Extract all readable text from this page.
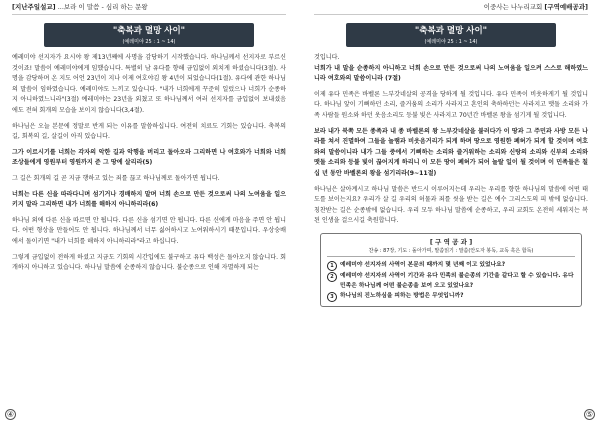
[지난주일설교] ...보라 이 말씀 - 심리 하는 문왕
"축복과 멸망 사이"
(예레미야 25 : 1 ~ 14)

예레미야 선지자가 요시야 왕 제13년째에 사명을 감당하기 시작했습니다. 하나님께서 선지자로 부르신 것이죠! 말씀이 예레미야에게 임했습니다. 특별히 남 유다를 향해 금입없이 외치게 하셨습니다(3절). 사명을 감당하며 온 지도 어언 23년이 지나 이제 여호야김 왕 4년이 되었습니다(1절). 유다에 관한 하나님의 말씀이 임하였습니다. 예레미야도 느끼고 있습니다. "내가 너희에게 꾸준히 일렀으나 너희가 순종하지 아니하였느니라"(3절) 예레미야는 23년을 외쳤고 또 하나님께서 여러 선지자를 금입없이 보내셨음에도 전혀 회개의 모습을 보이지 않습니다(3,4절).

하나님은 오늘 본문에 정말로 반게 되는 이유를 말씀하십니다. 여전히 치료도 기회는 있습니다. 축복의 길, 회복의 길, 살길이 아직 있습니다.

그가 이르시기를 너희는 각자의 악한 길과 악행을 버리고 돌아오라 그리하면 나 여호와가 너희와 너희 조상들에게 영원부터 영원까지 준 그 땅에 살리라(5)

그 길은 회개의 길 곧 지금 행하고 있는 죄를 끊고 하나님께로 돌아가면 됩니다.

너희는 다른 신을 따라다니며 섬기거나 경배하지 말며 너희 손으로 만든 것으로써 나의 노여움을 일으키지 말라 그리하면 내가 너희를 해하지 아니하리라(6)

하나님 외에 다른 신을 따르면 안 됩니다. 다른 신을 섬기면 안 됩니다. 다른 신에게 마음을 주면 안 됩니다. 어떤 형상을 만들어도 안 됩니다. 하나님께서 너무 싫어하시고 노여워하시기 때문입니다. 우상숭배에서 돌이키면 "내가 너희를 해하지 아니하리라"라고 하십니다.

그렇게 금입없이 전하게 하셨고 지금도 기회의 시간입에도 불구하고 유다 백성은 돌아오지 않습니다. 회개하지 아니하고 있습니다. 하나님 말씀에 순종하지 않습니다. 불순종으로 인해 자멸하게 되는

④
이중사는 나누리교회 [구역예배공과]
"축복과 멸망 사이"
(예레미야 25 : 1 ~ 14)

것입니다.
너희가 내 말을 순종하지 아니하고 너희 손으로 만든 것으로써 나의 노여움을 일으켜 스스로 해하였느니라 여호와의 말씀이니라 (7절)

이제 유다 민족은 바벨론 느부갓네살의 공격을 당하게 될 것입니다. 유다 민족이 비웃하게기 될 것입니다. 하나님 앞이 기뻐하던 소리, 즐거움의 소리가 사라지고 혼인의 축하하던는 사라지고 맷돌 소리와 가족 사람들 원소와 하던 웃음소리도 등불 빛은 사라지고 70년간 바벨론 왕을 섬기게 될 것입니다.

보라 내가 북쪽 모든 종족과 내 종 바벨론의 왕 느부갓네살을 불러다가 이 땅과 그 주민과 사방 모든 나라를 쳐서 진멸하여 그들을 놀램과 비웃음거리가 되게 하며 땅으로 영원한 폐허가 되게 할 것이며 여호와의 말씀이니라 내가 그들 중에서 기뻐하는 소리와 즐거워하는 소리와 신랑의 소리와 신부의 소리와 맷돌 소리와 등불 빛이 끊어지게 하리니 이 모든 땅이 폐허가 되어 놀랄 일이 될 것이며 이 민족들은 칠십 년 동안 바벨론의 왕을 섬기리라(9~11절)

하나님은 살아계시고 하나님 말씀은 반드시 이루어지는데 우리는 우리를 향한 하나님의 말씀에 어떤 태도를 보이는지요? 우리가 살 길 우리의 허물과 죄를 씻을 받는 길은 예수 그리스도의 피 밖에 없습니다. 칭찬받는 길은 순종밖에 없습니다. 우리 모두 하나님 말씀에 순종하고, 우리 교회도 온전히 세워지는 복된 인생을 걸으시길 축원합니다.

[ 구 역 공 과 ]
찬송 : 87장, 기도 : 돌아가며, 말씀읽기 : 말씀(안도자 봉독, 교독 혹은 합독)
1	예레미야 선지자의 사역이 본문의 때까지 몇 년째 이고 있었나요?
2	예레미야 선지자의 사역이 기간과 유다 민족의 불순종의 기간을 같다고 할 수 있습니다. 유다 민족은 하나님께 어떤 불순종을 보여 오고 있었나요?
3	하나님의 진노하심을 피하는 방법은 무엇입니까?
⑤
